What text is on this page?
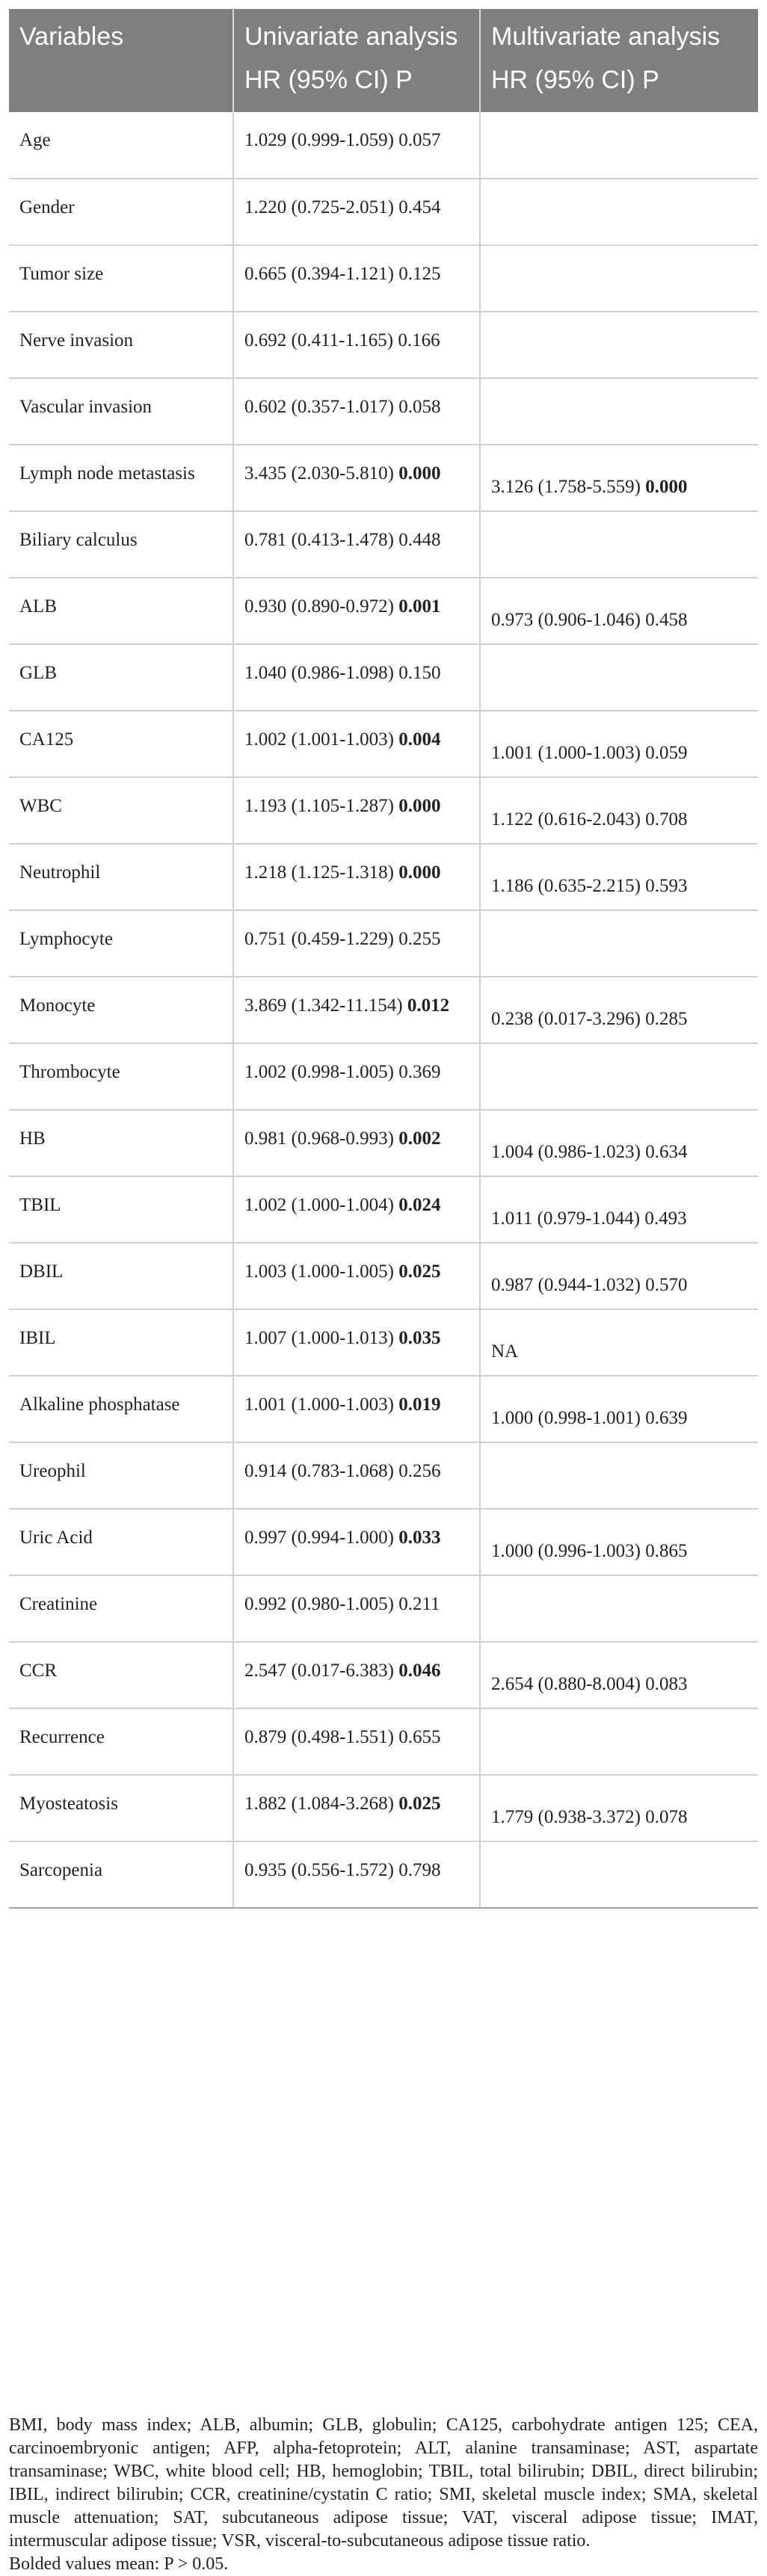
Variables	Univariate analysis	Multivariate analysis
	HR (95% CI) P	HR (95% CI) P
Age	1.029 (0.999-1.059) 0.057	
Gender	1.220 (0.725-2.051) 0.454	
Tumor size	0.665 (0.394-1.121) 0.125	
Nerve invasion	0.692 (0.411-1.165) 0.166	
Vascular invasion	0.602 (0.357-1.017) 0.058	
Lymph node metastasis	3.435 (2.030-5.810) 0.000	3.126 (1.758-5.559) 0.000
Biliary calculus	0.781 (0.413-1.478) 0.448	
ALB	0.930 (0.890-0.972) 0.001	0.973 (0.906-1.046) 0.458
GLB	1.040 (0.986-1.098) 0.150	
CA125	1.002 (1.001-1.003) 0.004	1.001 (1.000-1.003) 0.059
WBC	1.193 (1.105-1.287) 0.000	1.122 (0.616-2.043) 0.708
Neutrophil	1.218 (1.125-1.318) 0.000	1.186 (0.635-2.215) 0.593
Lymphocyte	0.751 (0.459-1.229) 0.255	
Monocyte	3.869 (1.342-11.154) 0.012	0.238 (0.017-3.296) 0.285
Thrombocyte	1.002 (0.998-1.005) 0.369	
HB	0.981 (0.968-0.993) 0.002	1.004 (0.986-1.023) 0.634
TBIL	1.002 (1.000-1.004) 0.024	1.011 (0.979-1.044) 0.493
DBIL	1.003 (1.000-1.005) 0.025	0.987 (0.944-1.032) 0.570
IBIL	1.007 (1.000-1.013) 0.035	NA
Alkaline phosphatase	1.001 (1.000-1.003) 0.019	1.000 (0.998-1.001) 0.639
Ureophil	0.914 (0.783-1.068) 0.256	
Uric Acid	0.997 (0.994-1.000) 0.033	1.000 (0.996-1.003) 0.865
Creatinine	0.992 (0.980-1.005) 0.211	
CCR	2.547 (0.017-6.383) 0.046	2.654 (0.880-8.004) 0.083
Recurrence	0.879 (0.498-1.551) 0.655	
Myosteatosis	1.882 (1.084-3.268) 0.025	1.779 (0.938-3.372) 0.078
Sarcopenia	0.935 (0.556-1.572) 0.798	

BMI, body mass index; ALB, albumin; GLB, globulin; CA125, carbohydrate antigen 125; CEA, carcinoembryonic antigen; AFP, alpha-fetoprotein; ALT, alanine transaminase; AST, aspartate transaminase; WBC, white blood cell; HB, hemoglobin; TBIL, total bilirubin; DBIL, direct bilirubin; IBIL, indirect bilirubin; CCR, creatinine/cystatin C ratio; SMI, skeletal muscle index; SMA, skeletal muscle attenuation; SAT, subcutaneous adipose tissue; VAT, visceral adipose tissue; IMAT, intermuscular adipose tissue; VSR, visceral-to-subcutaneous adipose tissue ratio.

Bolded values mean: P > 0.05.
